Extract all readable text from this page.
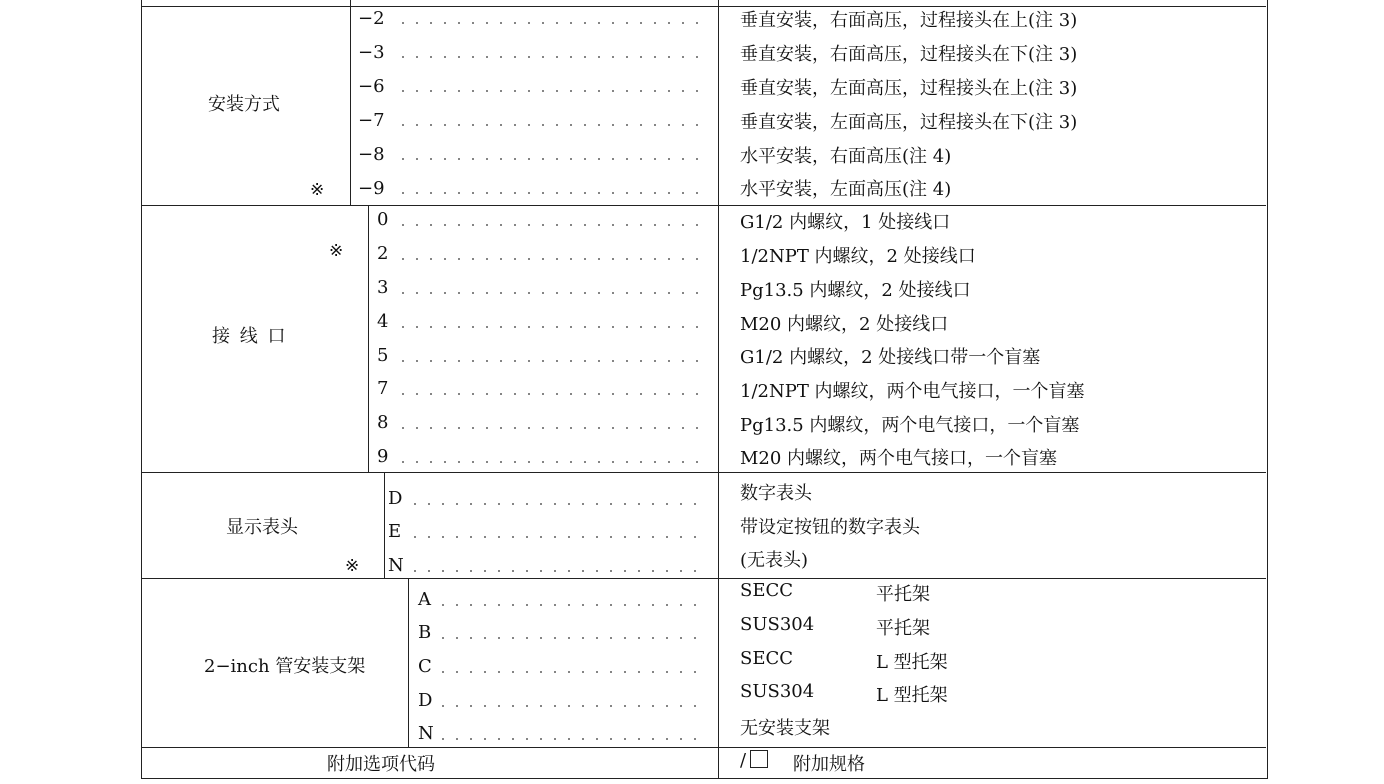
安装方式
※
−2	垂直安装，右面高压，过程接头在上(注 3)
−3	垂直安装，右面高压，过程接头在下(注 3)
−6	垂直安装，左面高压，过程接头在上(注 3)
−7	垂直安装，左面高压，过程接头在下(注 3)
−8	水平安装，右面高压(注 4)
−9	水平安装，左面高压(注 4)
接 线 口
※
0	G1/2 内螺纹，1 处接线口
2	1/2NPT 内螺纹，2 处接线口
3	Pg13.5 内螺纹，2 处接线口
4	M20 内螺纹，2 处接线口
5	G1/2 内螺纹，2 处接线口带一个盲塞
7	1/2NPT 内螺纹，两个电气接口，一个盲塞
8	Pg13.5 内螺纹，两个电气接口，一个盲塞
9	M20 内螺纹，两个电气接口，一个盲塞
显示表头
※
D	数字表头
E	带设定按钮的数字表头
N	(无表头)
2−inch 管安装支架
A	SECC	平托架
B	SUS304	平托架
C	SECC	L 型托架
D	SUS304	L 型托架
N	无安装支架
附加选项代码	/	附加规格
